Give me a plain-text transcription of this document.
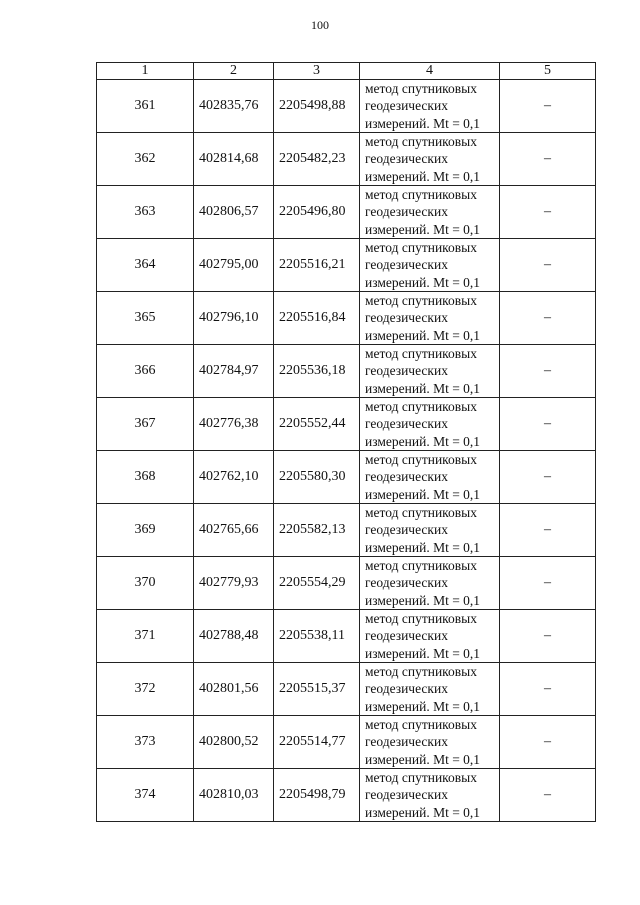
100
1	2	3	4	5
361	402835,76	2205498,88	метод спутниковых
геодезических
измерений. Mt = 0,1	–
362	402814,68	2205482,23	метод спутниковых
геодезических
измерений. Mt = 0,1	–
363	402806,57	2205496,80	метод спутниковых
геодезических
измерений. Mt = 0,1	–
364	402795,00	2205516,21	метод спутниковых
геодезических
измерений. Mt = 0,1	–
365	402796,10	2205516,84	метод спутниковых
геодезических
измерений. Mt = 0,1	–
366	402784,97	2205536,18	метод спутниковых
геодезических
измерений. Mt = 0,1	–
367	402776,38	2205552,44	метод спутниковых
геодезических
измерений. Mt = 0,1	–
368	402762,10	2205580,30	метод спутниковых
геодезических
измерений. Mt = 0,1	–
369	402765,66	2205582,13	метод спутниковых
геодезических
измерений. Mt = 0,1	–
370	402779,93	2205554,29	метод спутниковых
геодезических
измерений. Mt = 0,1	–
371	402788,48	2205538,11	метод спутниковых
геодезических
измерений. Mt = 0,1	–
372	402801,56	2205515,37	метод спутниковых
геодезических
измерений. Mt = 0,1	–
373	402800,52	2205514,77	метод спутниковых
геодезических
измерений. Mt = 0,1	–
374	402810,03	2205498,79	метод спутниковых
геодезических
измерений. Mt = 0,1	–
